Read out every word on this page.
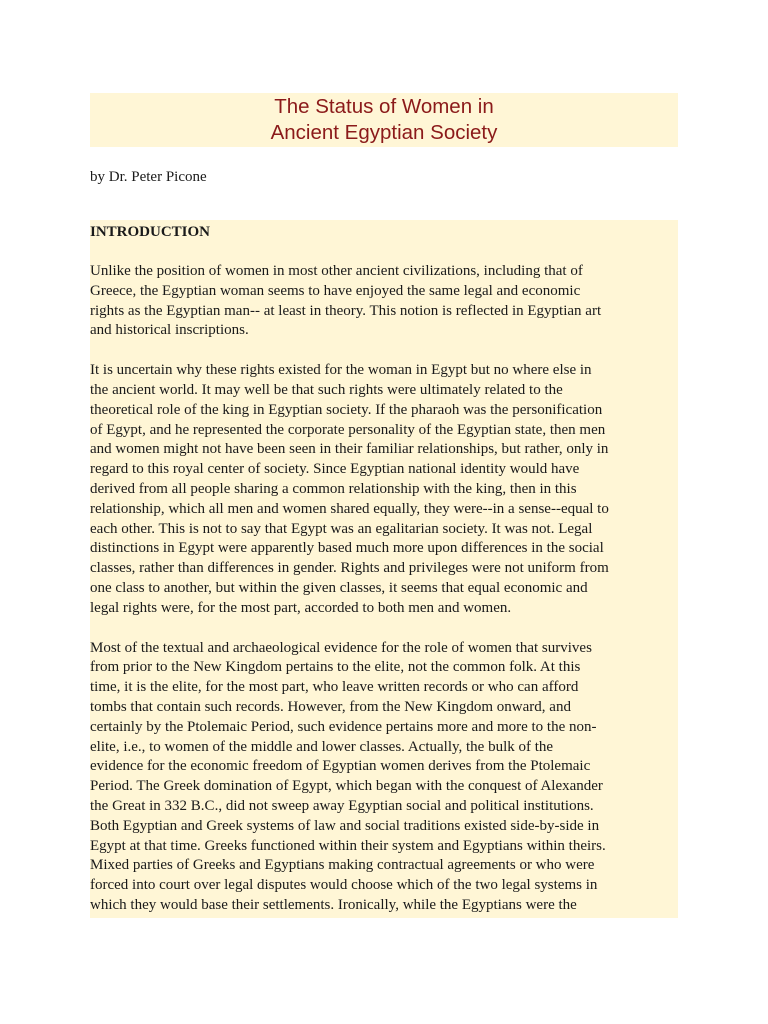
The Status of Women in
Ancient Egyptian Society
by Dr. Peter Picone
INTRODUCTION

Unlike the position of women in most other ancient civilizations, including that of
Greece, the Egyptian woman seems to have enjoyed the same legal and economic
rights as the Egyptian man-- at least in theory. This notion is reflected in Egyptian art
and historical inscriptions.

It is uncertain why these rights existed for the woman in Egypt but no where else in
the ancient world. It may well be that such rights were ultimately related to the
theoretical role of the king in Egyptian society. If the pharaoh was the personification
of Egypt, and he represented the corporate personality of the Egyptian state, then men
and women might not have been seen in their familiar relationships, but rather, only in
regard to this royal center of society. Since Egyptian national identity would have
derived from all people sharing a common relationship with the king, then in this
relationship, which all men and women shared equally, they were--in a sense--equal to
each other. This is not to say that Egypt was an egalitarian society. It was not. Legal
distinctions in Egypt were apparently based much more upon differences in the social
classes, rather than differences in gender. Rights and privileges were not uniform from
one class to another, but within the given classes, it seems that equal economic and
legal rights were, for the most part, accorded to both men and women.

Most of the textual and archaeological evidence for the role of women that survives
from prior to the New Kingdom pertains to the elite, not the common folk. At this
time, it is the elite, for the most part, who leave written records or who can afford
tombs that contain such records. However, from the New Kingdom onward, and
certainly by the Ptolemaic Period, such evidence pertains more and more to the non-
elite, i.e., to women of the middle and lower classes. Actually, the bulk of the
evidence for the economic freedom of Egyptian women derives from the Ptolemaic
Period. The Greek domination of Egypt, which began with the conquest of Alexander
the Great in 332 B.C., did not sweep away Egyptian social and political institutions.
Both Egyptian and Greek systems of law and social traditions existed side-by-side in
Egypt at that time. Greeks functioned within their system and Egyptians within theirs.
Mixed parties of Greeks and Egyptians making contractual agreements or who were
forced into court over legal disputes would choose which of the two legal systems in
which they would base their settlements. Ironically, while the Egyptians were the
